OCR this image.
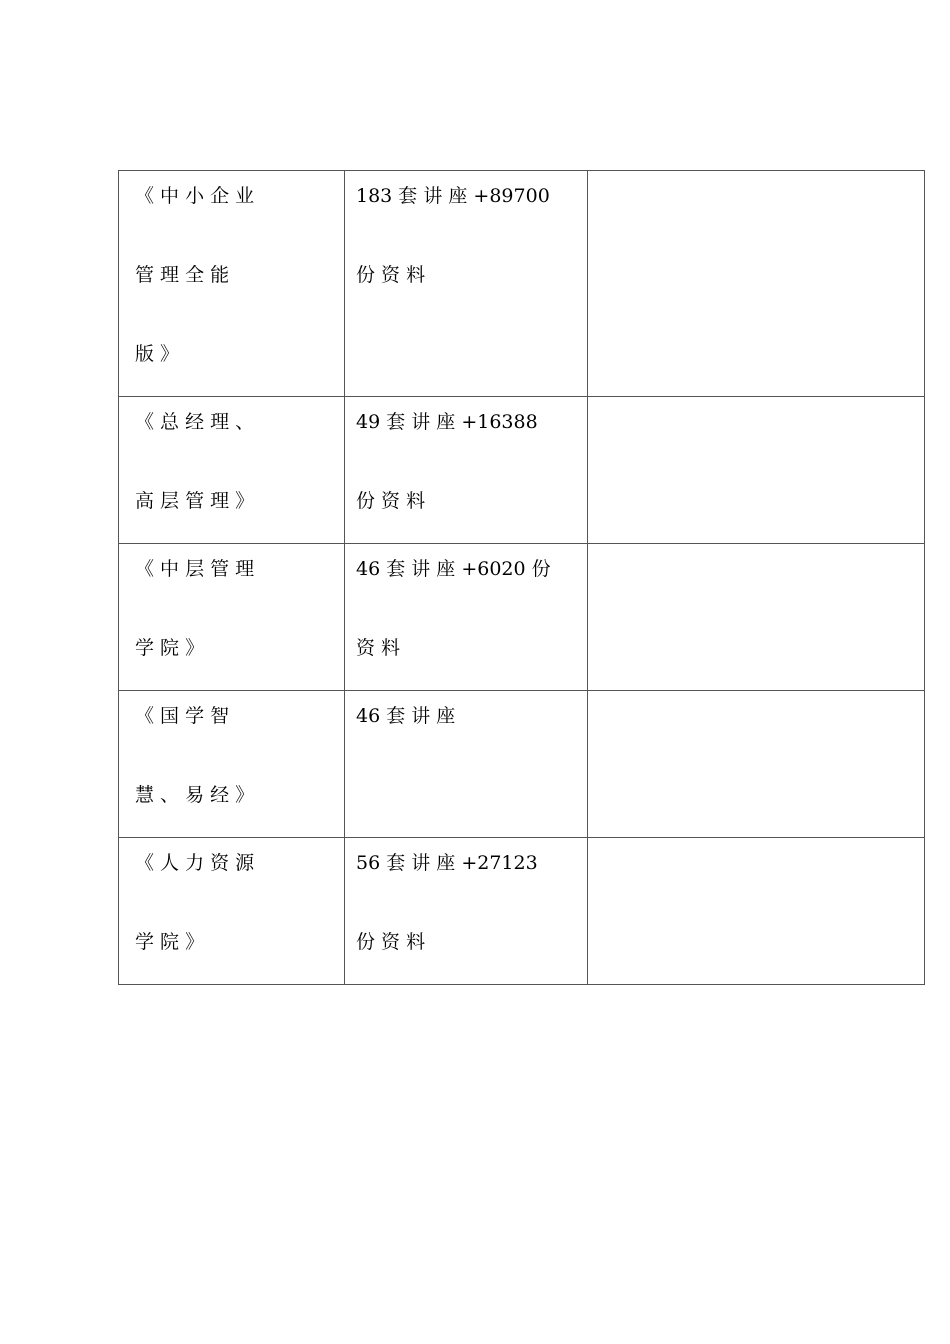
《 中 小 企 业
管 理 全 能
版 》	183 套 讲 座 +89700
份 资 料	

《 总 经 理 、
高 层 管 理 》	49 套 讲 座 +16388
份 资 料	

《 中 层 管 理
学 院 》	46 套 讲 座 +6020 份
资 料	

《 国 学 智
慧 、 易 经 》	46 套 讲 座	

《 人 力 资 源
学 院 》	56 套 讲 座 +27123
份 资 料	
